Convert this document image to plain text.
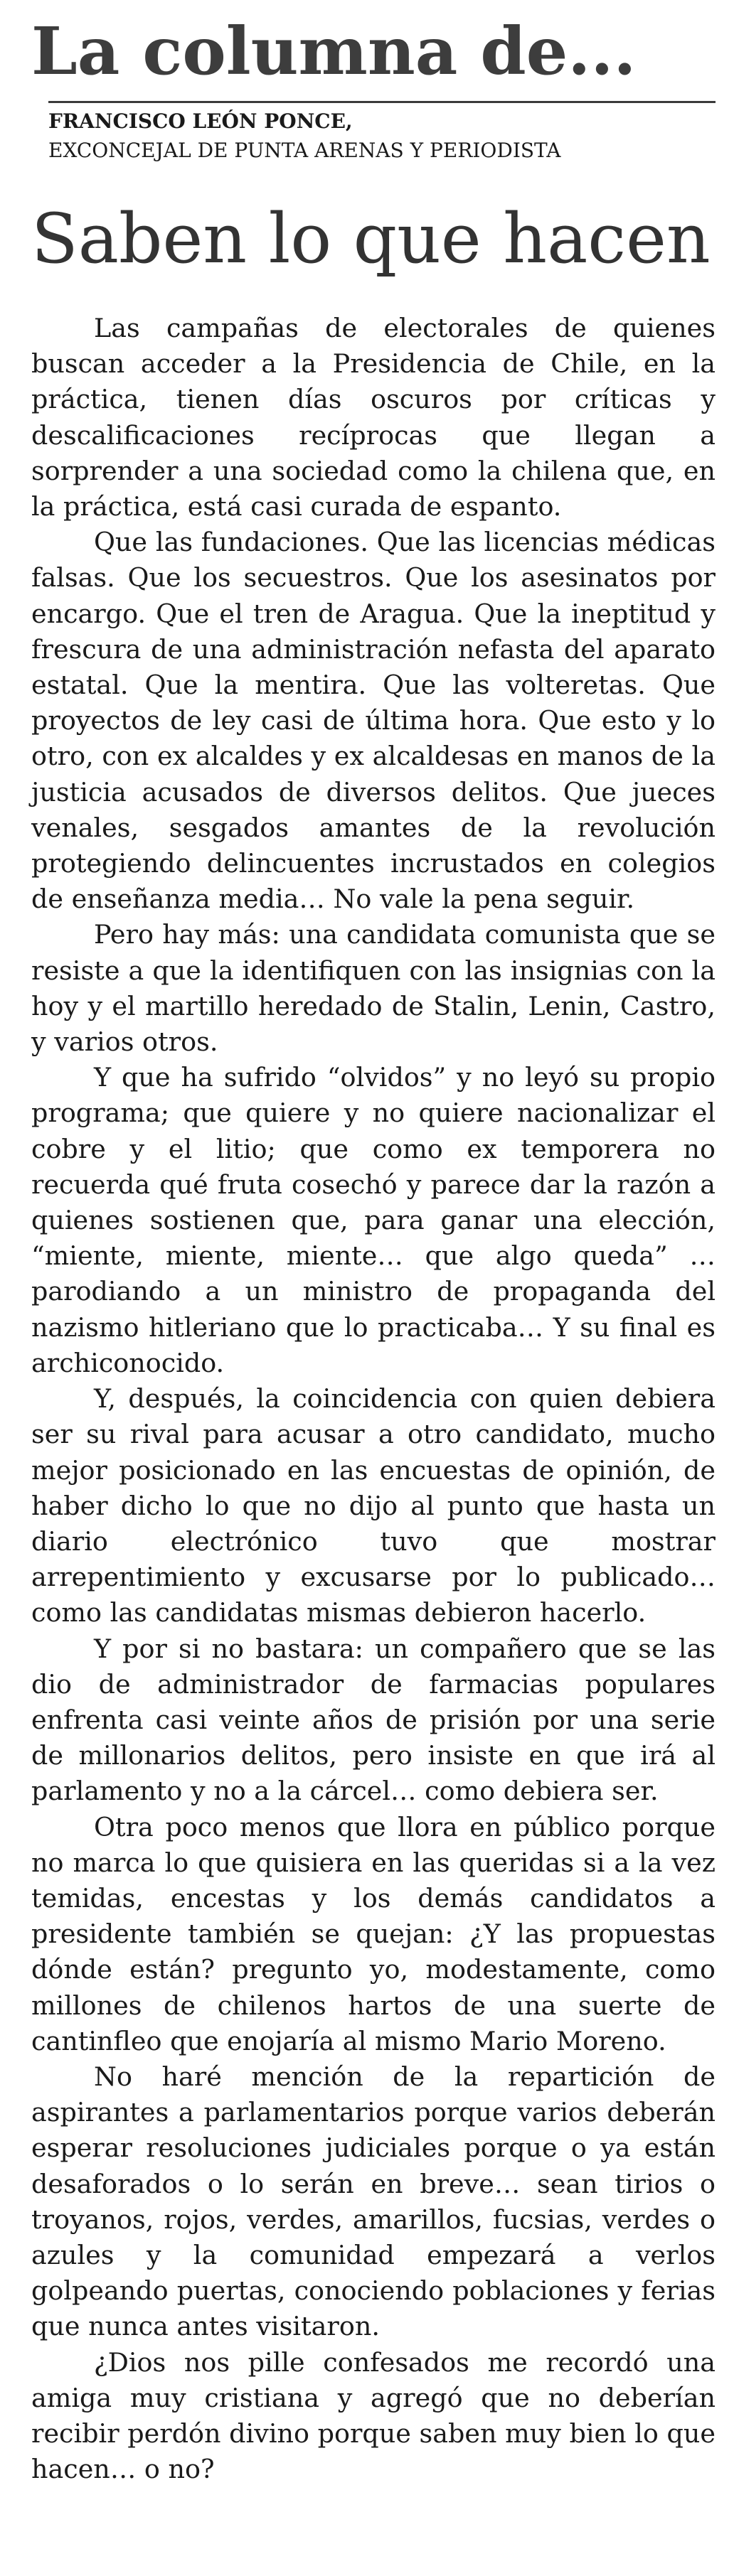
La columna de...
FRANCISCO LEÓN PONCE,
EXCONCEJAL DE PUNTA ARENAS Y PERIODISTA
Saben lo que hacen

Las campañas de electorales de quienes buscan acceder a la Presidencia de Chile, en la práctica, tienen días oscuros por críticas y descalificaciones recíprocas que llegan a sorprender a una sociedad como la chilena que, en la práctica, está casi curada de espanto.

Que las fundaciones. Que las licencias médicas falsas. Que los secuestros. Que los asesinatos por encargo. Que el tren de Aragua. Que la ineptitud y frescura de una administración nefasta del aparato estatal. Que la mentira. Que las volteretas. Que proyectos de ley casi de última hora. Que esto y lo otro, con ex alcaldes y ex alcaldesas en manos de la justicia acusados de diversos delitos. Que jueces venales, sesgados amantes de la revolución protegiendo delincuentes incrustados en colegios de enseñanza media… No vale la pena seguir.

Pero hay más: una candidata comunista que se resiste a que la identifiquen con las insignias con la hoy y el martillo heredado de Stalin, Lenin, Castro, y varios otros.

Y que ha sufrido “olvidos” y no leyó su propio programa; que quiere y no quiere nacionalizar el cobre y el litio; que como ex temporera no recuerda qué fruta cosechó y parece dar la razón a quienes sostienen que, para ganar una elección, “miente, miente, miente… que algo queda” …parodiando a un ministro de propaganda del nazismo hitleriano que lo practicaba… Y su final es archiconocido.

Y, después, la coincidencia con quien debiera ser su rival para acusar a otro candidato, mucho mejor posicionado en las encuestas de opinión, de haber dicho lo que no dijo al punto que hasta un diario electrónico tuvo que mostrar arrepentimiento y excusarse por lo publicado… como las candidatas mismas debieron hacerlo.

Y por si no bastara: un compañero que se las dio de administrador de farmacias populares enfrenta casi veinte años de prisión por una serie de millonarios delitos, pero insiste en que irá al parlamento y no a la cárcel… como debiera ser.

Otra poco menos que llora en público porque no marca lo que quisiera en las queridas si a la vez temidas, encestas y los demás candidatos a presidente también se quejan: ¿Y las propuestas dónde están? pregunto yo, modestamente, como millones de chilenos hartos de una suerte de cantinfleo que enojaría al mismo Mario Moreno.

No haré mención de la repartición de aspirantes a parlamentarios porque varios deberán esperar resoluciones judiciales porque o ya están desaforados o lo serán en breve… sean tirios o troyanos, rojos, verdes, amarillos, fucsias, verdes o azules y la comunidad empezará a verlos golpeando puertas, conociendo poblaciones y ferias que nunca antes visitaron.

¿Dios nos pille confesados me recordó una amiga muy cristiana y agregó que no deberían recibir perdón divino porque saben muy bien lo que hacen… o no?
